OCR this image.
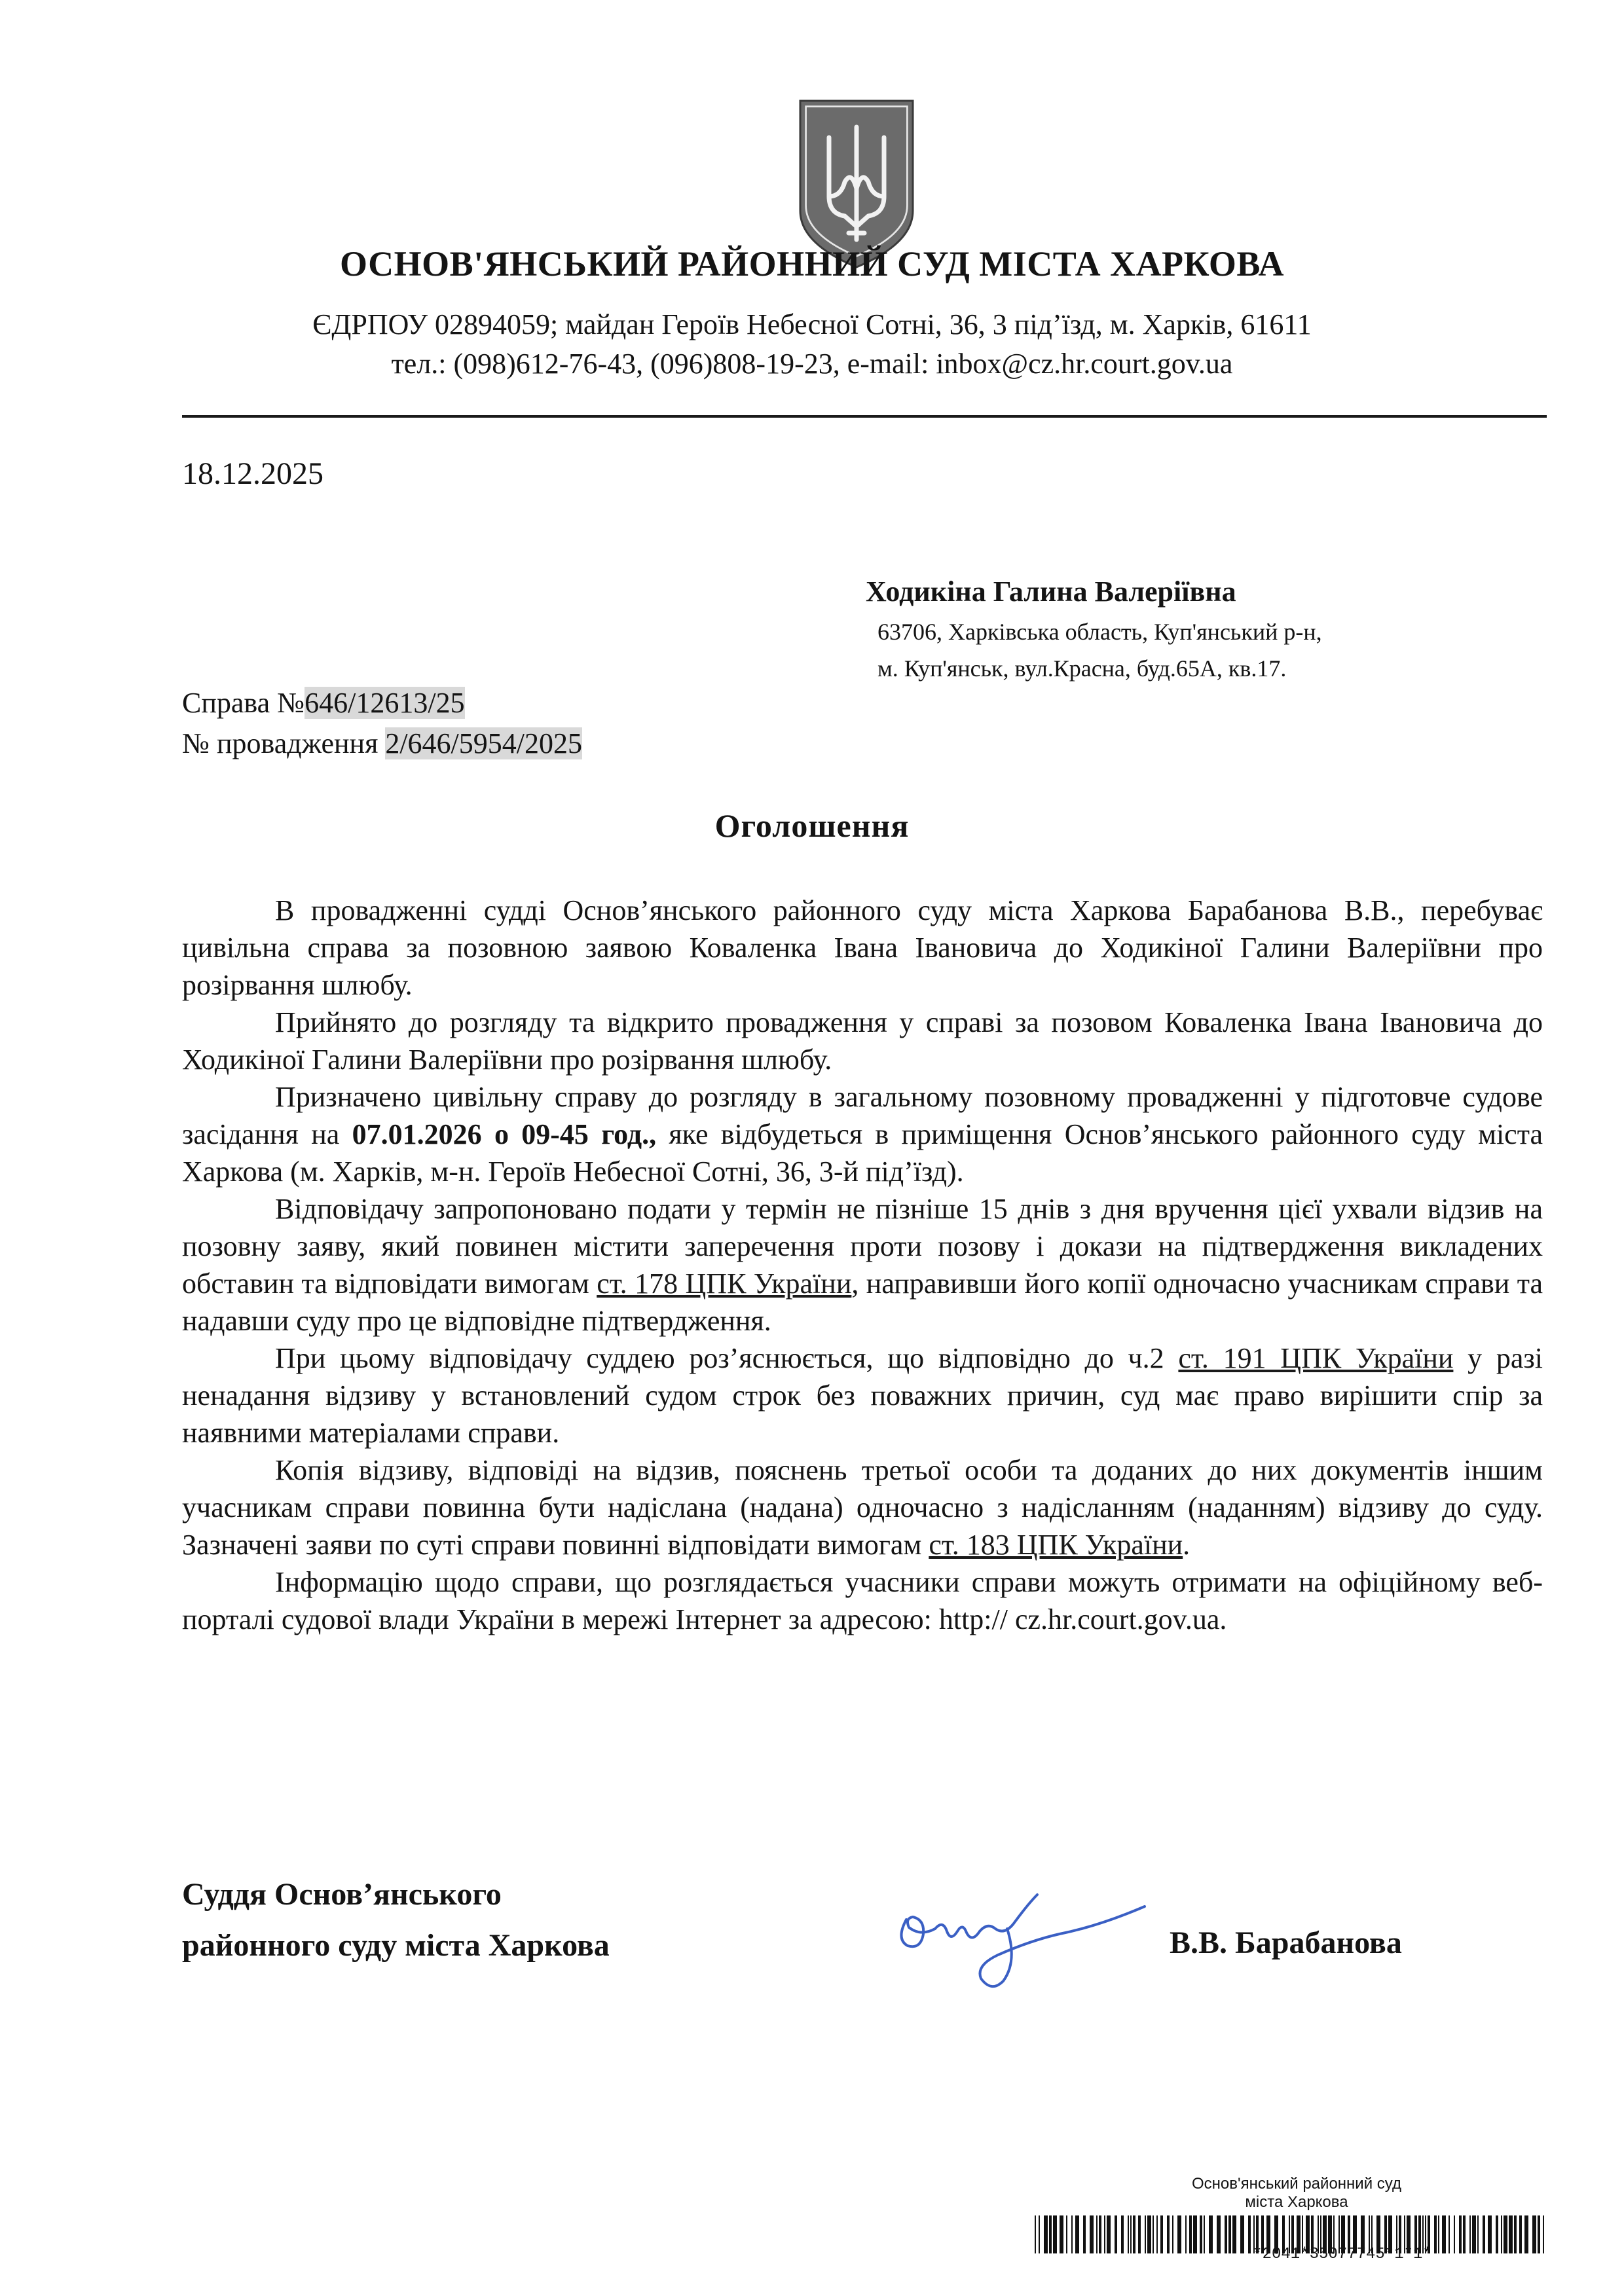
ОСНОВ'ЯНСЬКИЙ РАЙОННИЙ СУД МІСТА ХАРКОВА
ЄДРПОУ 02894059; майдан Героїв Небесної Сотні, 36, 3 під’їзд, м. Харків, 61611
тел.: (098)612-76-43, (096)808-19-23, e-mail: inbox@cz.hr.court.gov.ua
18.12.2025
Ходикіна Галина Валеріївна
63706, Харківська область, Куп'янський р-н,
м. Куп'янськ, вул.Красна, буд.65А, кв.17.
Справа №646/12613/25
№ провадження 2/646/5954/2025
Оголошення

В провадженні судді Основ’янського районного суду міста Харкова Барабанова В.В., перебуває цивільна справа за позовною заявою Коваленка Івана Івановича до Ходикіної Галини Валеріївни про розірвання шлюбу.

Прийнято до розгляду та відкрито провадження у справі за позовом Коваленка Івана Івановича до Ходикіної Галини Валеріївни про розірвання шлюбу.

Призначено цивільну справу до розгляду в загальному позовному провадженні у підготовче судове засідання на 07.01.2026 о 09-45 год., яке відбудеться в приміщення Основ’янського районного суду міста Харкова (м. Харків, м-н. Героїв Небесної Сотні, 36, 3-й під’їзд).

Відповідачу запропоновано подати у термін не пізніше 15 днів з дня вручення цієї ухвали відзив на позовну заяву, який повинен містити заперечення проти позову і докази на підтвердження викладених обставин та відповідати вимогам ст. 178 ЦПК України, направивши його копії одночасно учасникам справи та надавши суду про це відповідне підтвердження.

При цьому відповідачу суддею роз’яснюється, що відповідно до ч.2 ст. 191 ЦПК України у разі ненадання відзиву у встановлений судом строк без поважних причин, суд має право вирішити спір за наявними матеріалами справи.

Копія відзиву, відповіді на відзив, пояснень третьої особи та доданих до них документів іншим учасникам справи повинна бути надіслана (надана) одночасно з надісланням (наданням) відзиву до суду. Зазначені заяви по суті справи повинні відповідати вимогам ст. 183 ЦПК України.

Інформацію щодо справи, що розглядається учасники справи можуть отримати на офіційному веб-порталі судової влади України в мережі Інтернет за адресою: http:// cz.hr.court.gov.ua.

Суддя Основ’янського
районного суду міста Харкова	В.В. Барабанова
Основ'янський районний суд
міста Харкова
*2041*35077745*1*1*
